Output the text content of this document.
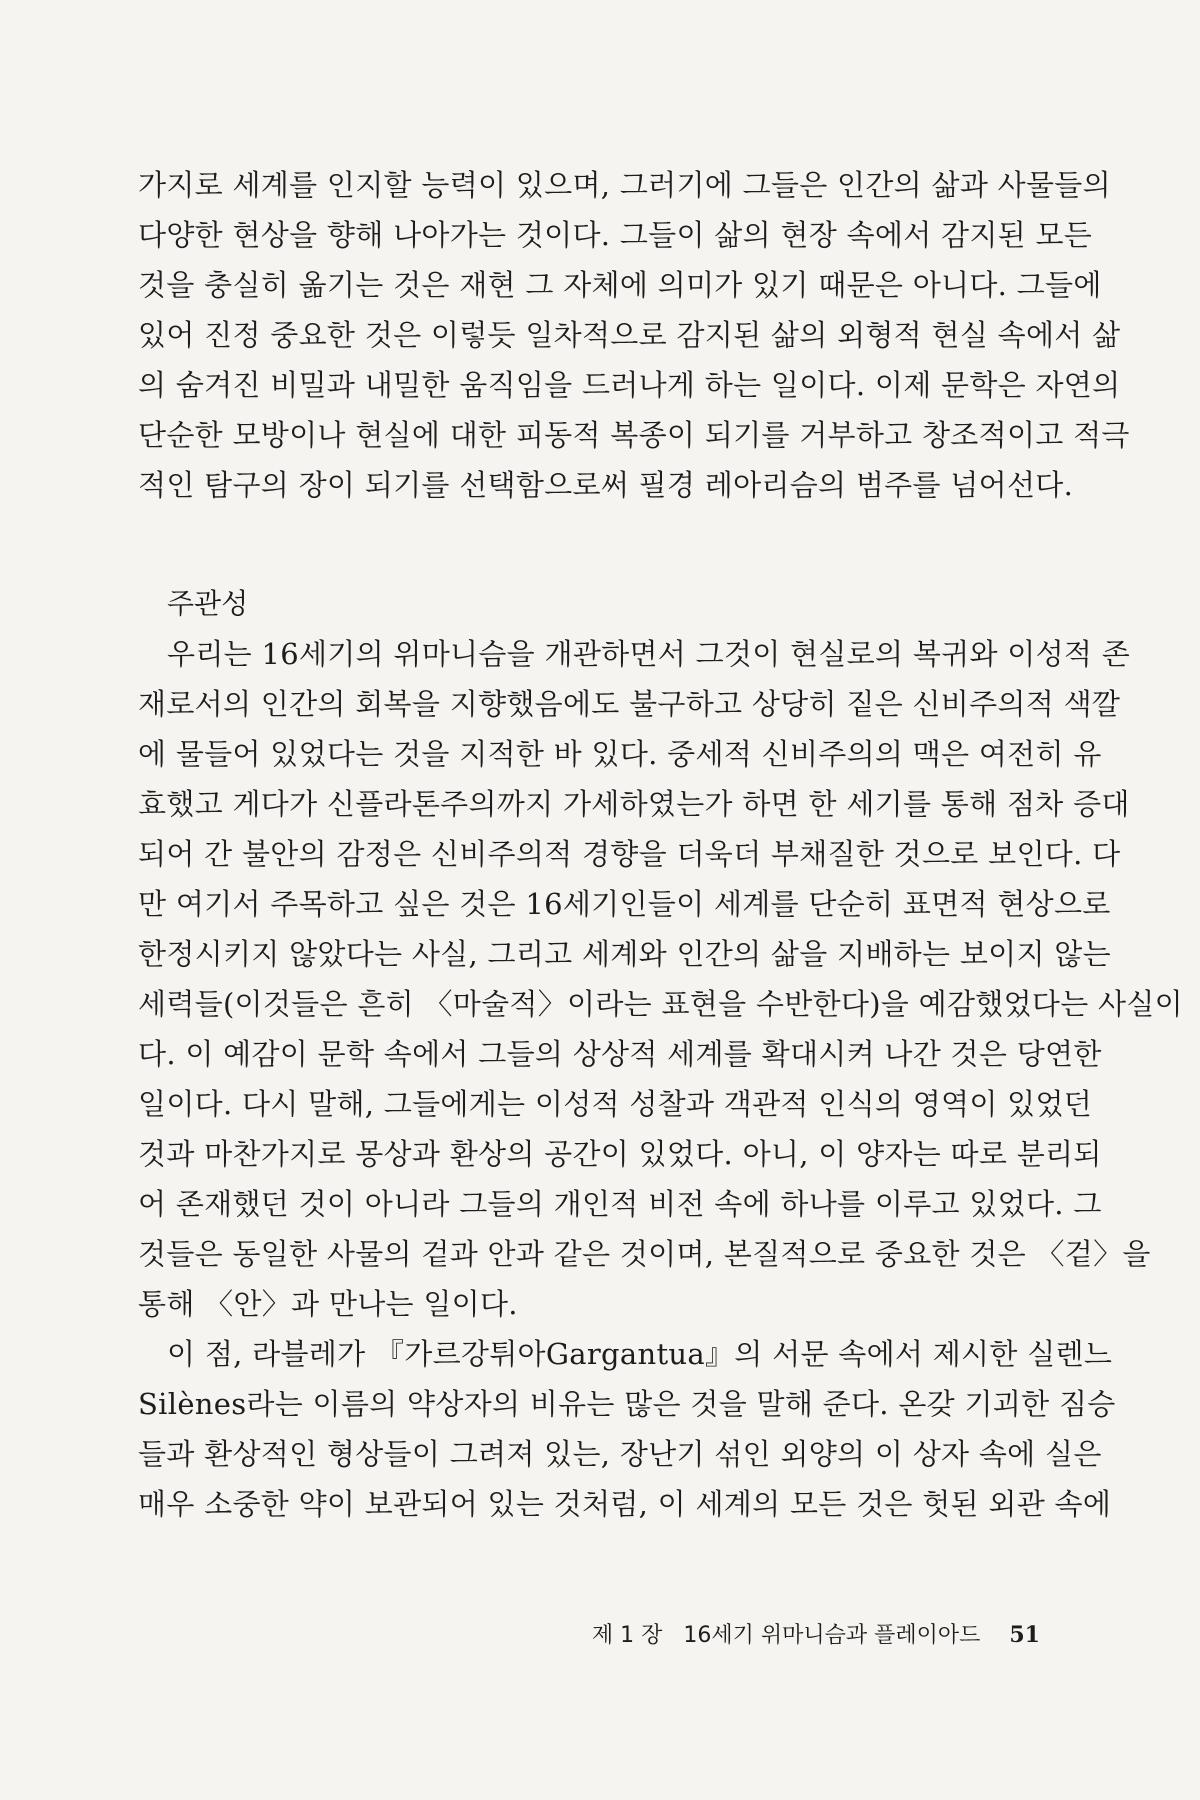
가지로 세계를 인지할 능력이 있으며, 그러기에 그들은 인간의 삶과 사물들의
다양한 현상을 향해 나아가는 것이다. 그들이 삶의 현장 속에서 감지된 모든
것을 충실히 옮기는 것은 재현 그 자체에 의미가 있기 때문은 아니다. 그들에
있어 진정 중요한 것은 이렇듯 일차적으로 감지된 삶의 외형적 현실 속에서 삶
의 숨겨진 비밀과 내밀한 움직임을 드러나게 하는 일이다. 이제 문학은 자연의
단순한 모방이나 현실에 대한 피동적 복종이 되기를 거부하고 창조적이고 적극
적인 탐구의 장이 되기를 선택함으로써 필경 레아리슴의 범주를 넘어선다.
주관성
우리는 16세기의 위마니슴을 개관하면서 그것이 현실로의 복귀와 이성적 존
재로서의 인간의 회복을 지향했음에도 불구하고 상당히 짙은 신비주의적 색깔
에 물들어 있었다는 것을 지적한 바 있다. 중세적 신비주의의 맥은 여전히 유
효했고 게다가 신플라톤주의까지 가세하였는가 하면 한 세기를 통해 점차 증대
되어 간 불안의 감정은 신비주의적 경향을 더욱더 부채질한 것으로 보인다. 다
만 여기서 주목하고 싶은 것은 16세기인들이 세계를 단순히 표면적 현상으로
한정시키지 않았다는 사실, 그리고 세계와 인간의 삶을 지배하는 보이지 않는
세력들(이것들은 흔히 〈마술적〉이라는 표현을 수반한다)을 예감했었다는 사실이
다. 이 예감이 문학 속에서 그들의 상상적 세계를 확대시켜 나간 것은 당연한
일이다. 다시 말해, 그들에게는 이성적 성찰과 객관적 인식의 영역이 있었던
것과 마찬가지로 몽상과 환상의 공간이 있었다. 아니, 이 양자는 따로 분리되
어 존재했던 것이 아니라 그들의 개인적 비전 속에 하나를 이루고 있었다. 그
것들은 동일한 사물의 겉과 안과 같은 것이며, 본질적으로 중요한 것은 〈겉〉을
통해 〈안〉과 만나는 일이다.
이 점, 라블레가 『가르강튀아Gargantua』의 서문 속에서 제시한 실렌느
Silènes라는 이름의 약상자의 비유는 많은 것을 말해 준다. 온갖 기괴한 짐승
들과 환상적인 형상들이 그려져 있는, 장난기 섞인 외양의 이 상자 속에 실은
매우 소중한 약이 보관되어 있는 것처럼, 이 세계의 모든 것은 헛된 외관 속에
제 1 장 16세기 위마니슴과 플레이아드 51
